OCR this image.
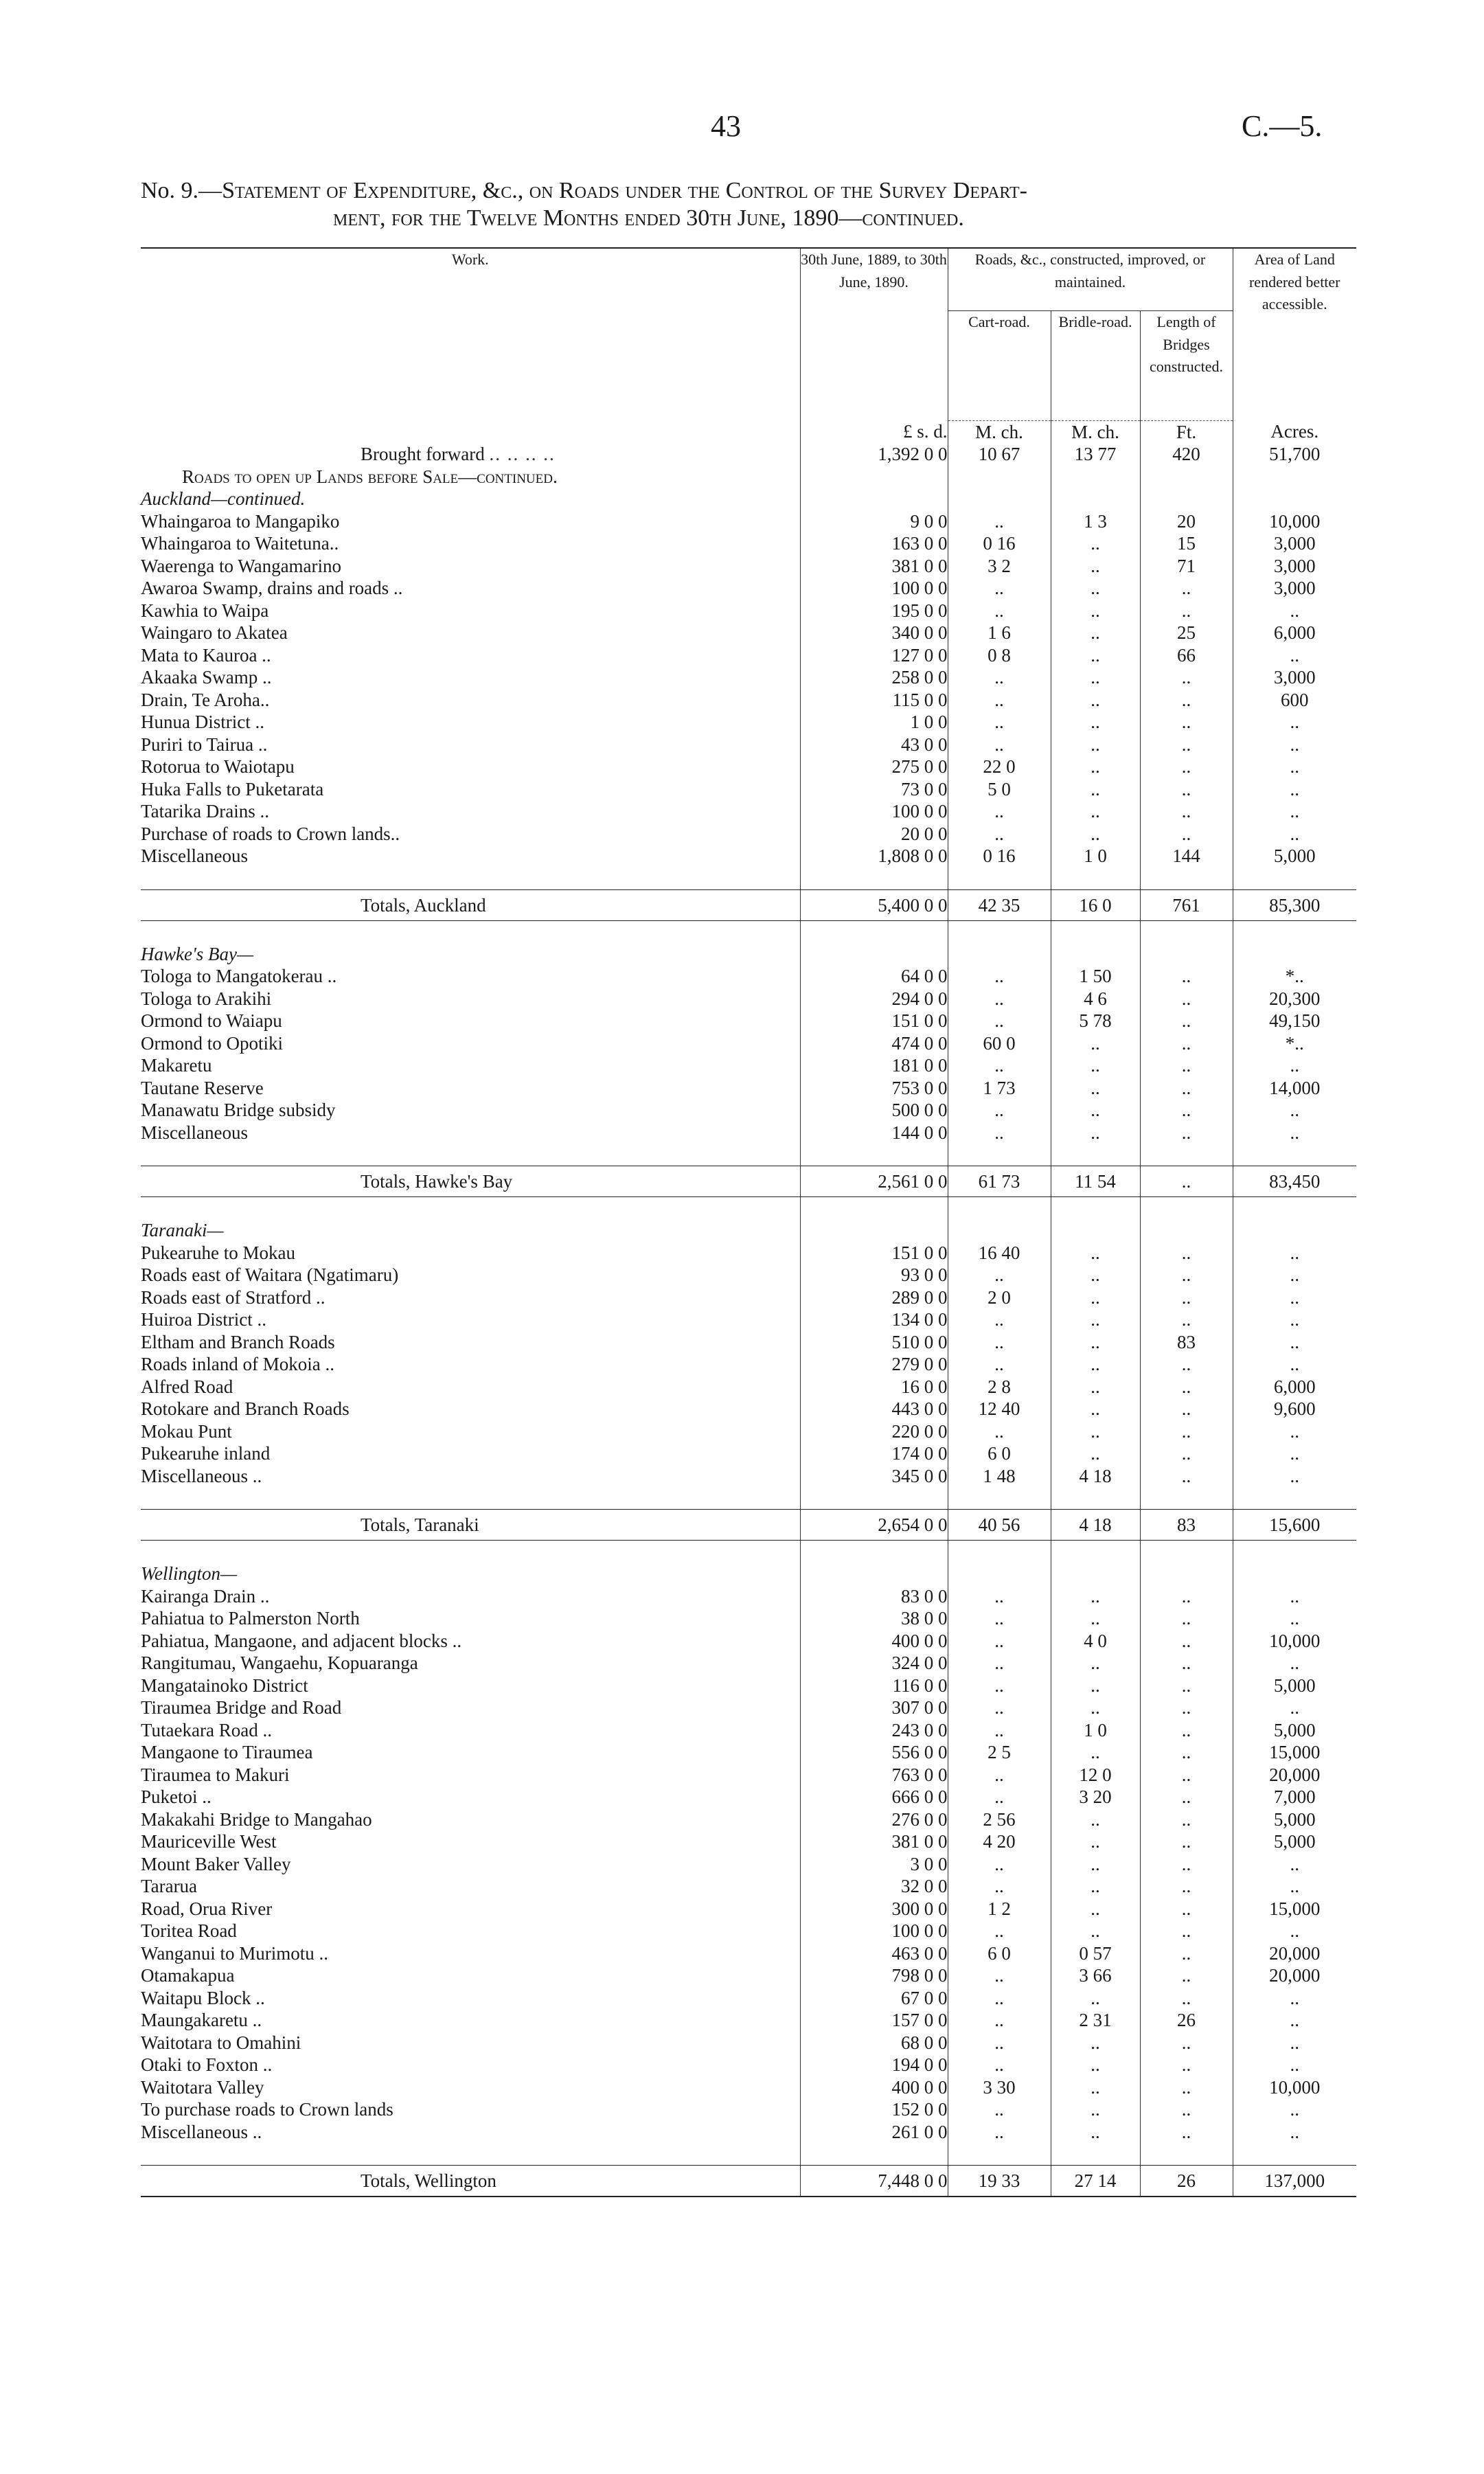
43	C.—5.
No. 9.—Statement of Expenditure, &c., on Roads under the Control of the Survey Depart-
ment, for the Twelve Months ended 30th June, 1890—continued.
Work.	30th June, 1889, to 30th June, 1890.	Roads, &c., constructed, improved, or maintained.			Area of Land rendered better accessible.
		Cart-road.	Bridle-road.	Length of Bridges constructed.	
	£ s. d.	M. ch.	M. ch.	Ft.	Acres.
Brought forward .. .. .. ..	1,392 0 0	10 67	13 77	420	51,700
Roads to open up Lands before Sale—continued.					
Auckland—continued.					
Whaingaroa to Mangapiko	9 0 0	..	1 3	20	10,000
Whaingaroa to Waitetuna..	163 0 0	0 16	..	15	3,000
Waerenga to Wangamarino	381 0 0	3 2	..	71	3,000
Awaroa Swamp, drains and roads ..	100 0 0	..	..	..	3,000
Kawhia to Waipa	195 0 0	..	..	..	..
Waingaro to Akatea	340 0 0	1 6	..	25	6,000
Mata to Kauroa ..	127 0 0	0 8	..	66	..
Akaaka Swamp ..	258 0 0	..	..	..	3,000
Drain, Te Aroha..	115 0 0	..	..	..	600
Hunua District ..	1 0 0	..	..	..	..
Puriri to Tairua ..	43 0 0	..	..	..	..
Rotorua to Waiotapu	275 0 0	22 0	..	..	..
Huka Falls to Puketarata	73 0 0	5 0	..	..	..
Tatarika Drains ..	100 0 0	..	..	..	..
Purchase of roads to Crown lands..	20 0 0	..	..	..	..
Miscellaneous	1,808 0 0	0 16	1 0	144	5,000

Totals, Auckland	5,400 0 0	42 35	16 0	761	85,300

Hawke's Bay—					
Tologa to Mangatokerau ..	64 0 0	..	1 50	..	*..
Tologa to Arakihi	294 0 0	..	4 6	..	20,300
Ormond to Waiapu	151 0 0	..	5 78	..	49,150
Ormond to Opotiki	474 0 0	60 0	..	..	*..
Makaretu	181 0 0	..	..	..	..
Tautane Reserve	753 0 0	1 73	..	..	14,000
Manawatu Bridge subsidy	500 0 0	..	..	..	..
Miscellaneous	144 0 0	..	..	..	..

Totals, Hawke's Bay	2,561 0 0	61 73	11 54	..	83,450

Taranaki—					
Pukearuhe to Mokau	151 0 0	16 40	..	..	..
Roads east of Waitara (Ngatimaru)	93 0 0	..	..	..	..
Roads east of Stratford ..	289 0 0	2 0	..	..	..
Huiroa District ..	134 0 0	..	..	..	..
Eltham and Branch Roads	510 0 0	..	..	83	..
Roads inland of Mokoia ..	279 0 0	..	..	..	..
Alfred Road	16 0 0	2 8	..	..	6,000
Rotokare and Branch Roads	443 0 0	12 40	..	..	9,600
Mokau Punt	220 0 0	..	..	..	..
Pukearuhe inland	174 0 0	6 0	..	..	..
Miscellaneous ..	345 0 0	1 48	4 18	..	..

Totals, Taranaki	2,654 0 0	40 56	4 18	83	15,600

Wellington—					
Kairanga Drain ..	83 0 0	..	..	..	..
Pahiatua to Palmerston North	38 0 0	..	..	..	..
Pahiatua, Mangaone, and adjacent blocks ..	400 0 0	..	4 0	..	10,000
Rangitumau, Wangaehu, Kopuaranga	324 0 0	..	..	..	..
Mangatainoko District	116 0 0	..	..	..	5,000
Tiraumea Bridge and Road	307 0 0	..	..	..	..
Tutaekara Road ..	243 0 0	..	1 0	..	5,000
Mangaone to Tiraumea	556 0 0	2 5	..	..	15,000
Tiraumea to Makuri	763 0 0	..	12 0	..	20,000
Puketoi ..	666 0 0	..	3 20	..	7,000
Makakahi Bridge to Mangahao	276 0 0	2 56	..	..	5,000
Mauriceville West	381 0 0	4 20	..	..	5,000
Mount Baker Valley	3 0 0	..	..	..	..
Tararua	32 0 0	..	..	..	..
Road, Orua River	300 0 0	1 2	..	..	15,000
Toritea Road	100 0 0	..	..	..	..
Wanganui to Murimotu ..	463 0 0	6 0	0 57	..	20,000
Otamakapua	798 0 0	..	3 66	..	20,000
Waitapu Block ..	67 0 0	..	..	..	..
Maungakaretu ..	157 0 0	..	2 31	26	..
Waitotara to Omahini	68 0 0	..	..	..	..
Otaki to Foxton ..	194 0 0	..	..	..	..
Waitotara Valley	400 0 0	3 30	..	..	10,000
To purchase roads to Crown lands	152 0 0	..	..	..	..
Miscellaneous ..	261 0 0	..	..	..	..

Totals, Wellington	7,448 0 0	19 33	27 14	26	137,000
